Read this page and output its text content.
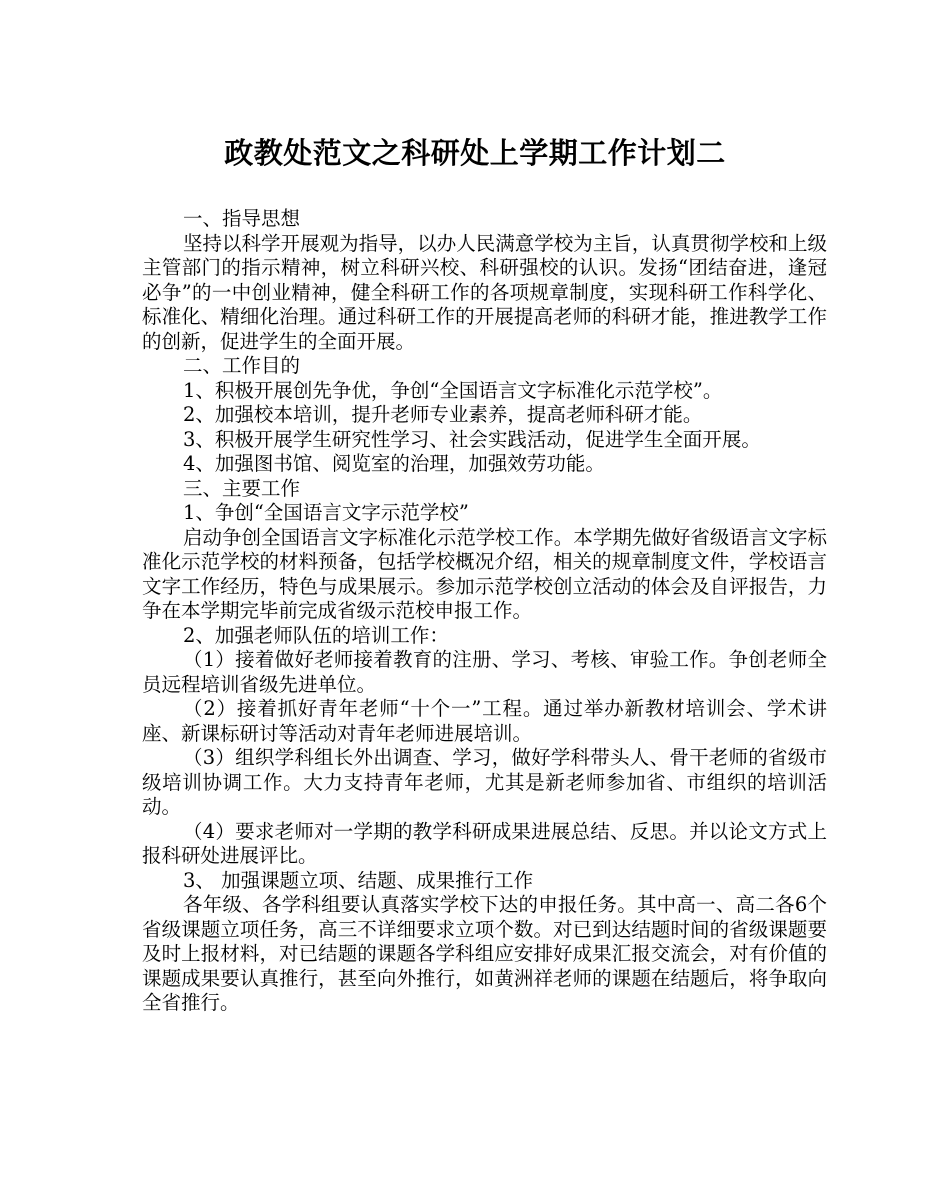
政教处范文之科研处上学期工作计划二

一、指导思想

坚持以科学开展观为指导，以办人民满意学校为主旨，认真贯彻学校和上级主管部门的指示精神，树立科研兴校、科研强校的认识。发扬“团结奋进，逢冠必争”的一中创业精神，健全科研工作的各项规章制度，实现科研工作科学化、标准化、精细化治理。通过科研工作的开展提高老师的科研才能，推进教学工作的创新，促进学生的全面开展。

二、工作目的

1、积极开展创先争优，争创“全国语言文字标准化示范学校”。

2、加强校本培训，提升老师专业素养，提高老师科研才能。

3、积极开展学生研究性学习、社会实践活动，促进学生全面开展。

4、加强图书馆、阅览室的治理，加强效劳功能。

三、主要工作

1、争创“全国语言文字示范学校”

启动争创全国语言文字标准化示范学校工作。本学期先做好省级语言文字标准化示范学校的材料预备，包括学校概况介绍，相关的规章制度文件，学校语言文字工作经历，特色与成果展示。参加示范学校创立活动的体会及自评报告，力争在本学期完毕前完成省级示范校申报工作。

2、加强老师队伍的培训工作：

（1）接着做好老师接着教育的注册、学习、考核、审验工作。争创老师全员远程培训省级先进单位。

（2）接着抓好青年老师“十个一”工程。通过举办新教材培训会、学术讲座、新课标研讨等活动对青年老师进展培训。

（3）组织学科组长外出调查、学习，做好学科带头人、骨干老师的省级市级培训协调工作。大力支持青年老师，尤其是新老师参加省、市组织的培训活动。

（4）要求老师对一学期的教学科研成果进展总结、反思。并以论文方式上报科研处进展评比。

3、 加强课题立项、结题、成果推行工作

各年级、各学科组要认真落实学校下达的申报任务。其中高一、高二各6个省级课题立项任务，高三不详细要求立项个数。对已到达结题时间的省级课题要及时上报材料，对已结题的课题各学科组应安排好成果汇报交流会，对有价值的课题成果要认真推行，甚至向外推行，如黄洲祥老师的课题在结题后，将争取向全省推行。
